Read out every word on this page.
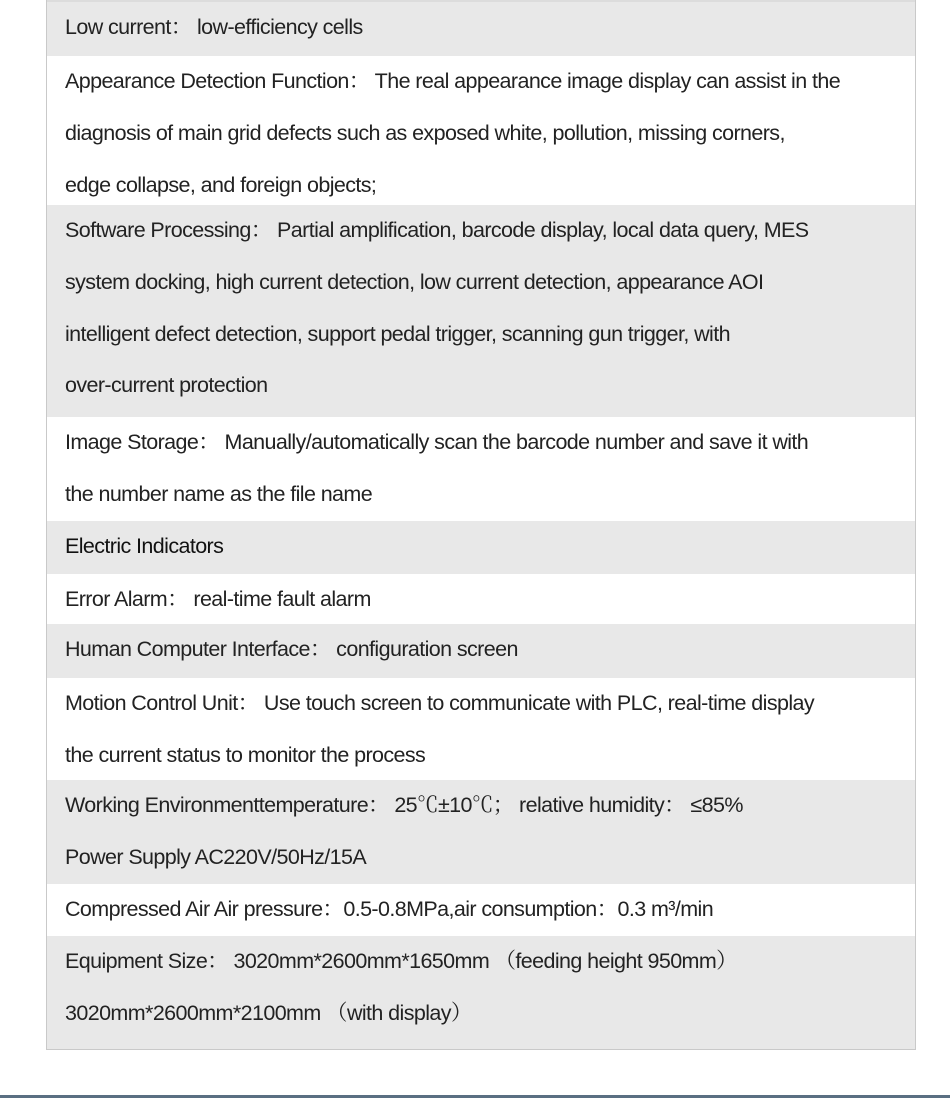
Low current： low-efficiency cells
Appearance Detection Function： The real appearance image display can assist in the
diagnosis of main grid defects such as exposed white, pollution, missing corners,
edge collapse, and foreign objects;
Software Processing： Partial amplification, barcode display, local data query, MES
system docking, high current detection, low current detection, appearance AOI
intelligent defect detection, support pedal trigger, scanning gun trigger, with
over-current protection
Image Storage： Manually/automatically scan the barcode number and save it with
the number name as the file name
Electric Indicators
Error Alarm： real-time fault alarm
Human Computer Interface： configuration screen
Motion Control Unit： Use touch screen to communicate with PLC, real-time display
the current status to monitor the process
Working Environmenttemperature： 25℃±10℃； relative humidity： ≤85%
Power Supply AC220V/50Hz/15A
Compressed Air Air pressure：0.5-0.8MPa,air consumption：0.3 m³/min
Equipment Size： 3020mm*2600mm*1650mm （feeding height 950mm）
3020mm*2600mm*2100mm （with display）
